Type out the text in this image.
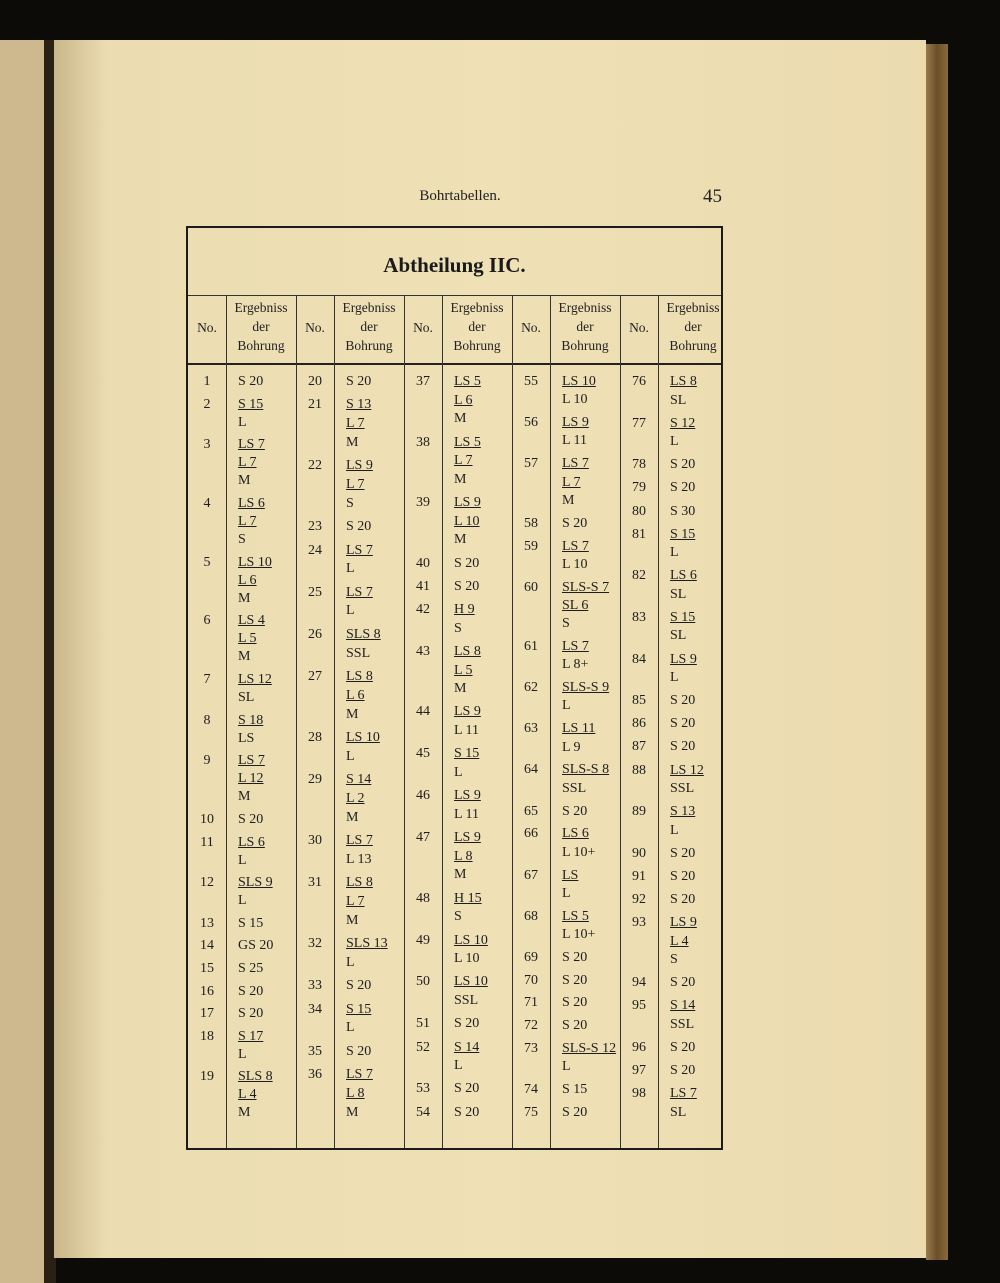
Bohrtabellen.	45
Abtheilung IIC.
No.
Ergebniss
der
Bohrung
No.
Ergebniss
der
Bohrung
No.
Ergebniss
der
Bohrung
No.
Ergebniss
der
Bohrung
No.
Ergebniss
der
Bohrung
1	S 20
2	S 15
L
3	LS 7
L 7
M
4	LS 6
L 7
S
5	LS 10
L 6
M
6	LS 4
L 5
M
7	LS 12
SL
8	S 18
LS
9	LS 7
L 12
M
10	S 20
11	LS 6
L
12	SLS 9
L
13	S 15
14	GS 20
15	S 25
16	S 20
17	S 20
18	S 17
L
19	SLS 8
L 4
M
20	S 20
21	S 13
L 7
M
22	LS 9
L 7
S
23	S 20
24	LS 7
L
25	LS 7
L
26	SLS 8
SSL
27	LS 8
L 6
M
28	LS 10
L
29	S 14
L 2
M
30	LS 7
L 13
31	LS 8
L 7
M
32	SLS 13
L
33	S 20
34	S 15
L
35	S 20
36	LS 7
L 8
M
37	LS 5
L 6
M
38	LS 5
L 7
M
39	LS 9
L 10
M
40	S 20
41	S 20
42	H 9
S
43	LS 8
L 5
M
44	LS 9
L 11
45	S 15
L
46	LS 9
L 11
47	LS 9
L 8
M
48	H 15
S
49	LS 10
L 10
50	LS 10
SSL
51	S 20
52	S 14
L
53	S 20
54	S 20
55	LS 10
L 10
56	LS 9
L 11
57	LS 7
L 7
M
58	S 20
59	LS 7
L 10
60	SLS-S 7
SL 6
S
61	LS 7
L 8+
62	SLS-S 9
L
63	LS 11
L 9
64	SLS-S 8
SSL
65	S 20
66	LS 6
L 10+
67	LS
L
68	LS 5
L 10+
69	S 20
70	S 20
71	S 20
72	S 20
73	SLS-S 12
L
74	S 15
75	S 20
76	LS 8
SL
77	S 12
L
78	S 20
79	S 20
80	S 30
81	S 15
L
82	LS 6
SL
83	S 15
SL
84	LS 9
L
85	S 20
86	S 20
87	S 20
88	LS 12
SSL
89	S 13
L
90	S 20
91	S 20
92	S 20
93	LS 9
L 4
S
94	S 20
95	S 14
SSL
96	S 20
97	S 20
98	LS 7
SL
